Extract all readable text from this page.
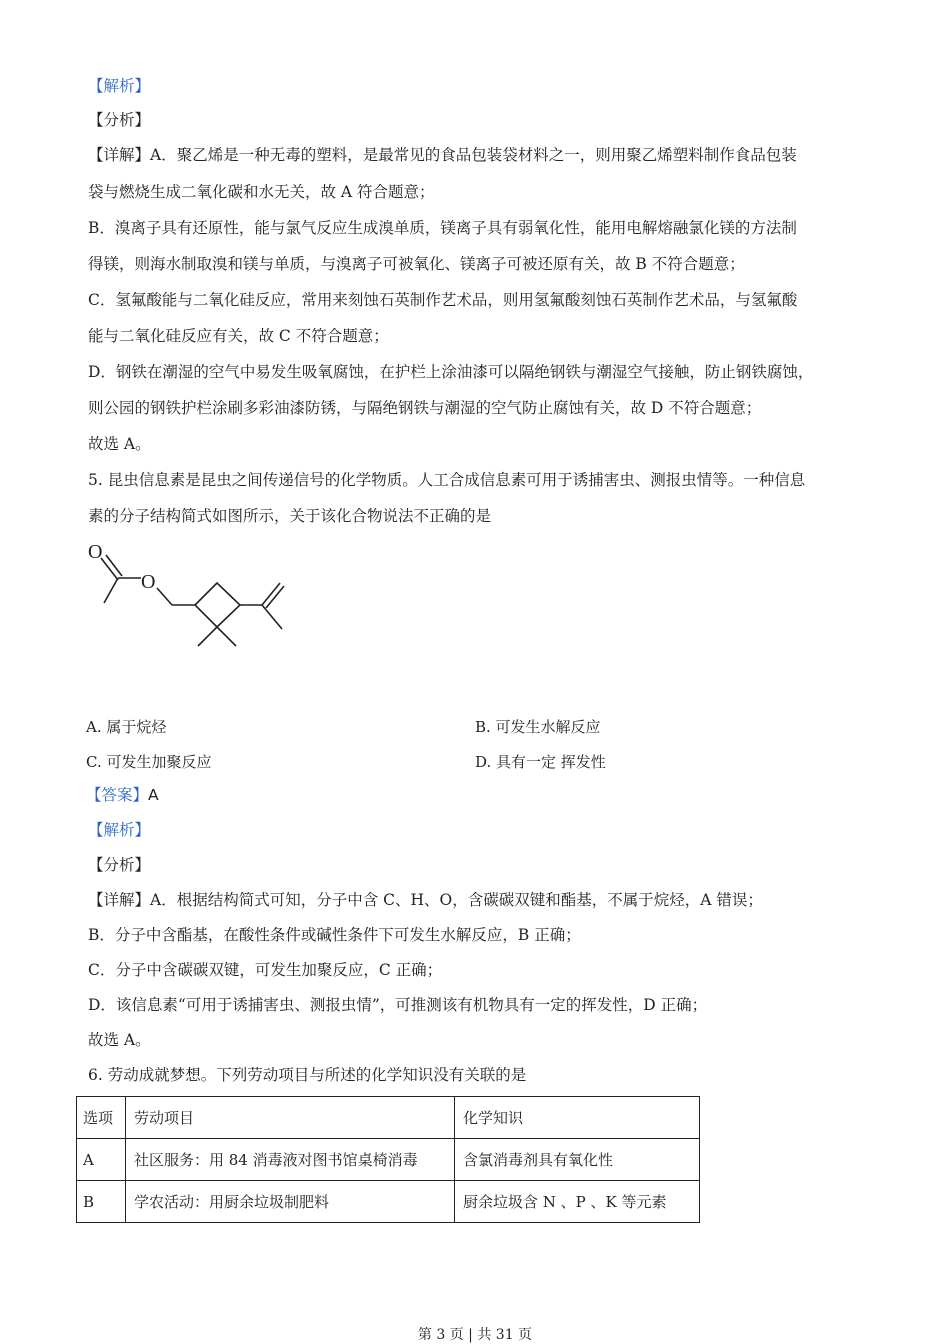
【解析】
【分析】
【详解】A．聚乙烯是一种无毒的塑料，是最常见的食品包装袋材料之一，则用聚乙烯塑料制作食品包装
袋与燃烧生成二氧化碳和水无关，故 A 符合题意；
B．溴离子具有还原性，能与氯气反应生成溴单质，镁离子具有弱氧化性，能用电解熔融氯化镁的方法制
得镁，则海水制取溴和镁与单质，与溴离子可被氧化、镁离子可被还原有关，故 B 不符合题意；
C．氢氟酸能与二氧化硅反应，常用来刻蚀石英制作艺术品，则用氢氟酸刻蚀石英制作艺术品，与氢氟酸
能与二氧化硅反应有关，故 C 不符合题意；
D．钢铁在潮湿的空气中易发生吸氧腐蚀，在护栏上涂油漆可以隔绝钢铁与潮湿空气接触，防止钢铁腐蚀，
则公园的钢铁护栏涂刷多彩油漆防锈，与隔绝钢铁与潮湿的空气防止腐蚀有关，故 D 不符合题意；
故选 A。
5. 昆虫信息素是昆虫之间传递信号的化学物质。人工合成信息素可用于诱捕害虫、测报虫情等。一种信息
素的分子结构简式如图所示，关于该化合物说法不正确的是
O
O
A. 属于烷烃	B. 可发生水解反应
C. 可发生加聚反应	D. 具有一定 挥发性
【答案】A
【解析】
【分析】
【详解】A．根据结构简式可知，分子中含 C、H、O，含碳碳双键和酯基，不属于烷烃，A 错误；
B．分子中含酯基，在酸性条件或碱性条件下可发生水解反应，B 正确；
C．分子中含碳碳双键，可发生加聚反应，C 正确；
D．该信息素“可用于诱捕害虫、测报虫情”，可推测该有机物具有一定的挥发性，D 正确；
故选 A。
6. 劳动成就梦想。下列劳动项目与所述的化学知识没有关联的是
选项	劳动项目	化学知识
A	社区服务：用 84 消毒液对图书馆桌椅消毒	含氯消毒剂具有氧化性
B	学农活动：用厨余垃圾制肥料	厨余垃圾含 N 、P 、K 等元素
第 3 页 | 共 31 页
